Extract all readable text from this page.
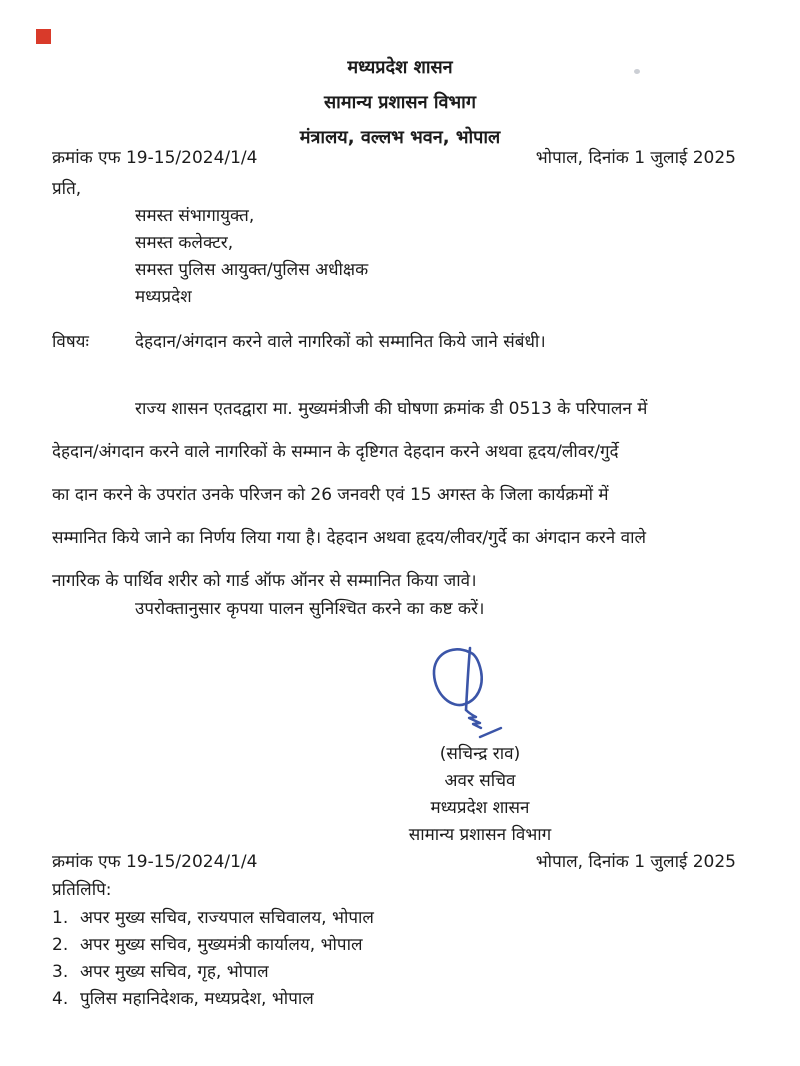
मध्यप्रदेश शासन
सामान्य प्रशासन विभाग
मंत्रालय, वल्लभ भवन, भोपाल
क्रमांक एफ 19-15/2024/1/4	भोपाल, दिनांक 1 जुलाई 2025
प्रति,
समस्त संभागायुक्त,
समस्त कलेक्टर,
समस्त पुलिस आयुक्त/पुलिस अधीक्षक
मध्यप्रदेश
विषयः	देहदान/अंगदान करने वाले नागरिकों को सम्मानित किये जाने संबंधी।
राज्य शासन एतदद्वारा मा. मुख्यमंत्रीजी की घोषणा क्रमांक डी 0513 के परिपालन में
देहदान/अंगदान करने वाले नागरिकों के सम्मान के दृष्टिगत देहदान करने अथवा हृदय/लीवर/गुर्दे
का दान करने के उपरांत उनके परिजन को 26 जनवरी एवं 15 अगस्त के जिला कार्यक्रमों में
सम्मानित किये जाने का निर्णय लिया गया है। देहदान अथवा हृदय/लीवर/गुर्दे का अंगदान करने वाले
नागरिक के पार्थिव शरीर को गार्ड ऑफ ऑनर से सम्मानित किया जावे।
उपरोक्तानुसार कृपया पालन सुनिश्चित करने का कष्ट करें।
(सचिन्द्र राव)
अवर सचिव
मध्यप्रदेश शासन
सामान्य प्रशासन विभाग
क्रमांक एफ 19-15/2024/1/4	भोपाल, दिनांक 1 जुलाई 2025
प्रतिलिपि:
1. अपर मुख्य सचिव, राज्यपाल सचिवालय, भोपाल
2. अपर मुख्य सचिव, मुख्यमंत्री कार्यालय, भोपाल
3. अपर मुख्य सचिव, गृह, भोपाल
4. पुलिस महानिदेशक, मध्यप्रदेश, भोपाल
